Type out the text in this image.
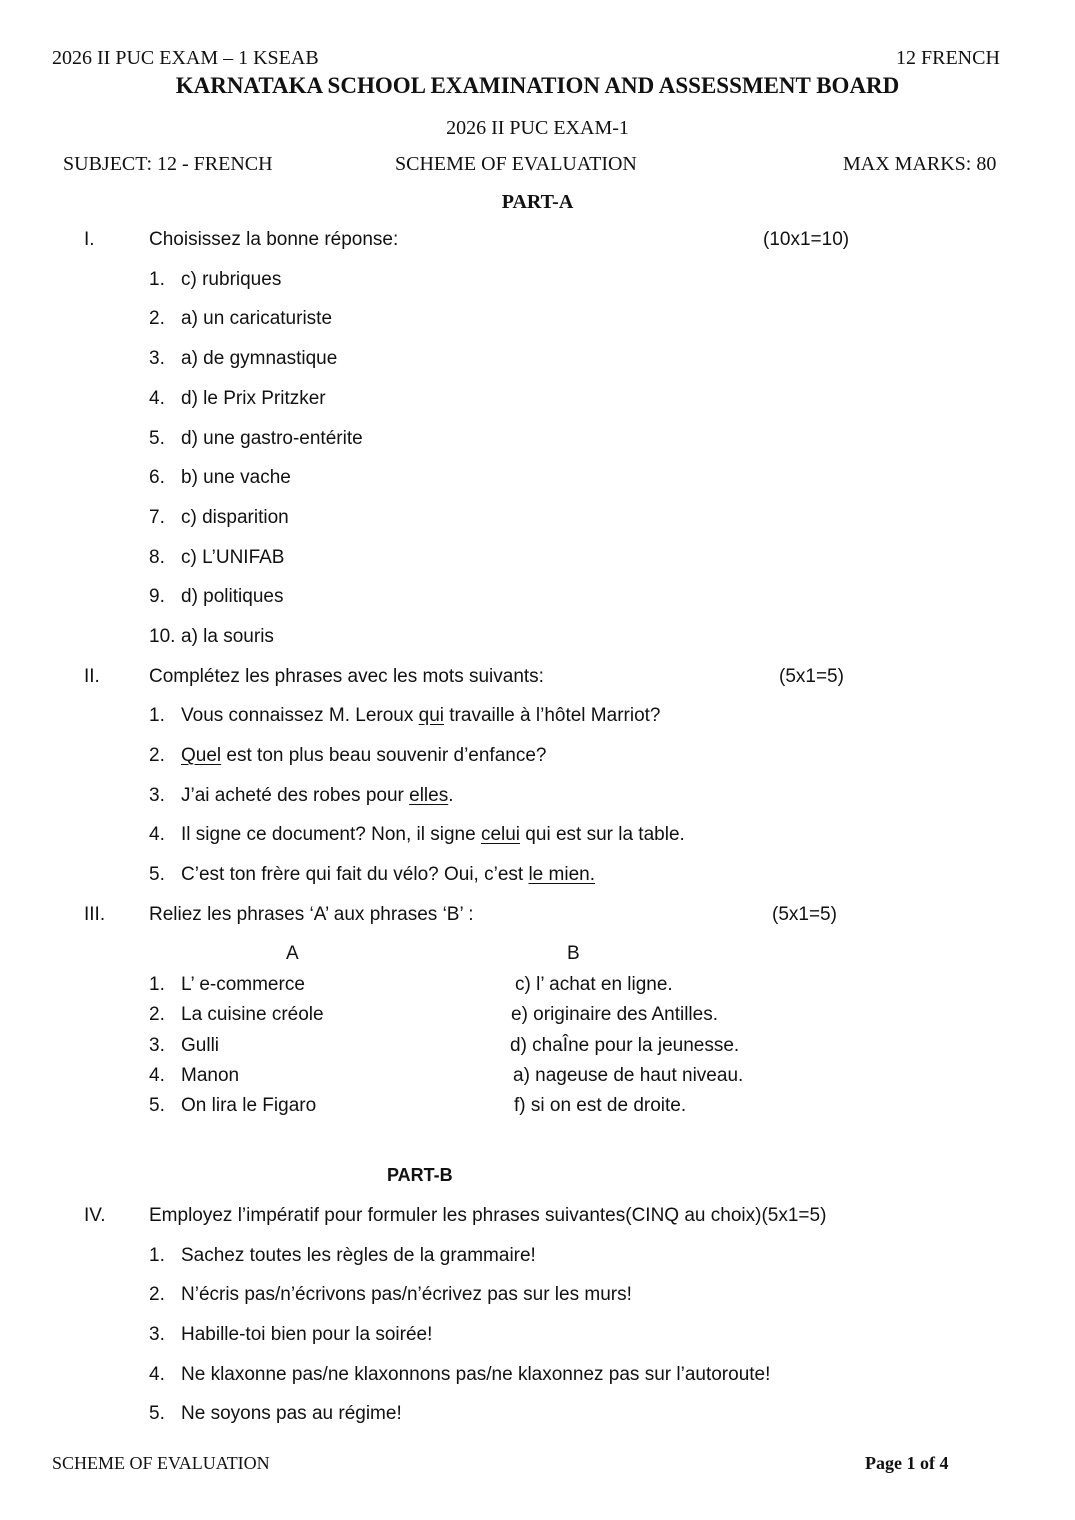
2026 II PUC EXAM – 1 KSEAB	12 FRENCH
KARNATAKA SCHOOL EXAMINATION AND ASSESSMENT BOARD
2026 II PUC EXAM-1
SUBJECT: 12 - FRENCH	SCHEME OF EVALUATION	MAX MARKS: 80
PART-A
I.	Choisissez la bonne réponse:	(10x1=10)
1. c) rubriques
2. a) un caricaturiste
3. a) de gymnastique
4. d) le Prix Pritzker
5. d) une gastro-entérite
6. b) une vache
7. c) disparition
8. c) L’UNIFAB
9. d) politiques
10. a) la souris
II.	Complétez les phrases avec les mots suivants:	(5x1=5)
1. Vous connaissez M. Leroux qui travaille à l’hôtel Marriot?
2. Quel est ton plus beau souvenir d’enfance?
3. J’ai acheté des robes pour elles.
4. Il signe ce document? Non, il signe celui qui est sur la table.
5. C’est ton frère qui fait du vélo? Oui, c’est le mien.
III. Reliez les phrases ‘A’ aux phrases ‘B’ :	(5x1=5)
A	B
1. L’ e-commerce	c) l’ achat en ligne.
2. La cuisine créole	e) originaire des Antilles.
3. Gulli	d) chaÎne pour la jeunesse.
4. Manon	a) nageuse de haut niveau.
5. On lira le Figaro	f) si on est de droite.
PART-B
IV. Employez l’impératif pour formuler les phrases suivantes(CINQ au choix)(5x1=5)
1. Sachez toutes les règles de la grammaire!
2. N’écris pas/n’écrivons pas/n’écrivez pas sur les murs!
3. Habille-toi bien pour la soirée!
4. Ne klaxonne pas/ne klaxonnons pas/ne klaxonnez pas sur l’autoroute!
5. Ne soyons pas au régime!
SCHEME OF EVALUATION	Page 1 of 4
